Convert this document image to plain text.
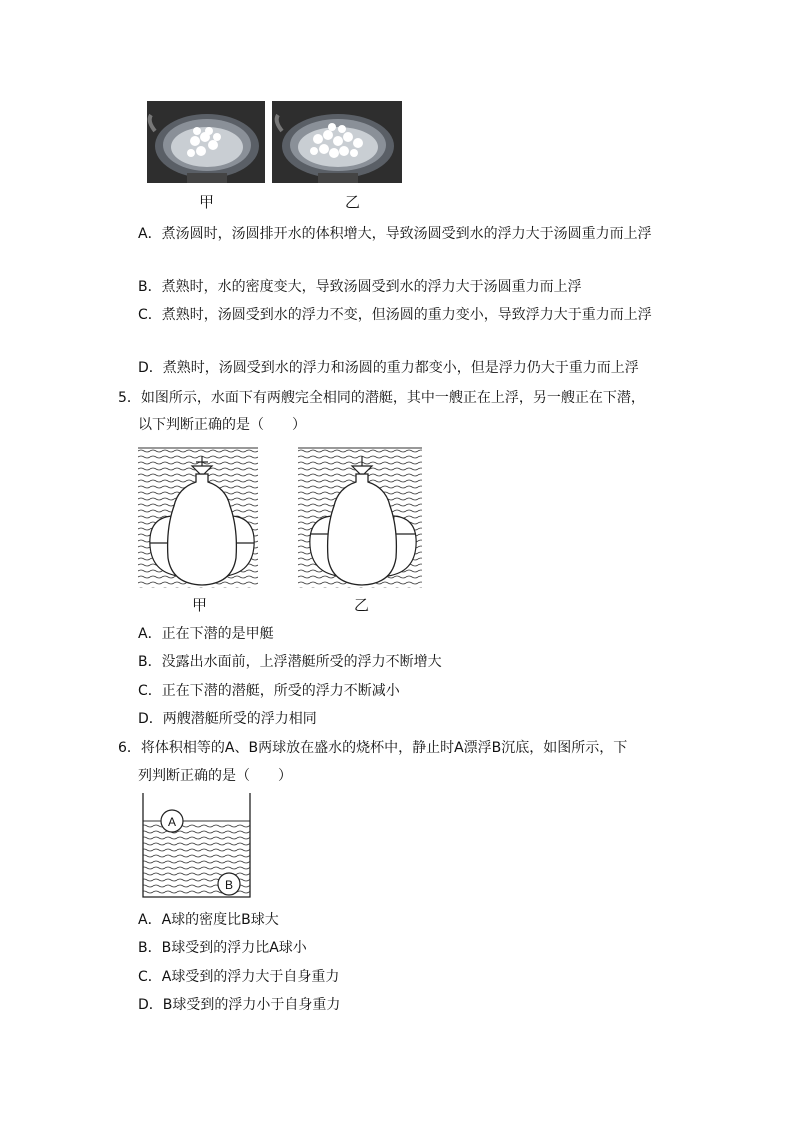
甲	乙
A．煮汤圆时，汤圆排开水的体积增大，导致汤圆受到水的浮力大于汤圆重力而上浮
B．煮熟时，水的密度变大，导致汤圆受到水的浮力大于汤圆重力而上浮
C．煮熟时，汤圆受到水的浮力不变，但汤圆的重力变小，导致浮力大于重力而上浮
D．煮熟时，汤圆受到水的浮力和汤圆的重力都变小，但是浮力仍大于重力而上浮
5．如图所示，水面下有两艘完全相同的潜艇，其中一艘正在上浮，另一艘正在下潜，
以下判断正确的是（　　）
甲	乙
A．正在下潜的是甲艇
B．没露出水面前，上浮潜艇所受的浮力不断增大
C．正在下潜的潜艇，所受的浮力不断减小
D．两艘潜艇所受的浮力相同
6．将体积相等的A、B两球放在盛水的烧杯中，静止时A漂浮B沉底，如图所示，下
列判断正确的是（　　）
A
B
A．A球的密度比B球大
B．B球受到的浮力比A球小
C．A球受到的浮力大于自身重力
D．B球受到的浮力小于自身重力
